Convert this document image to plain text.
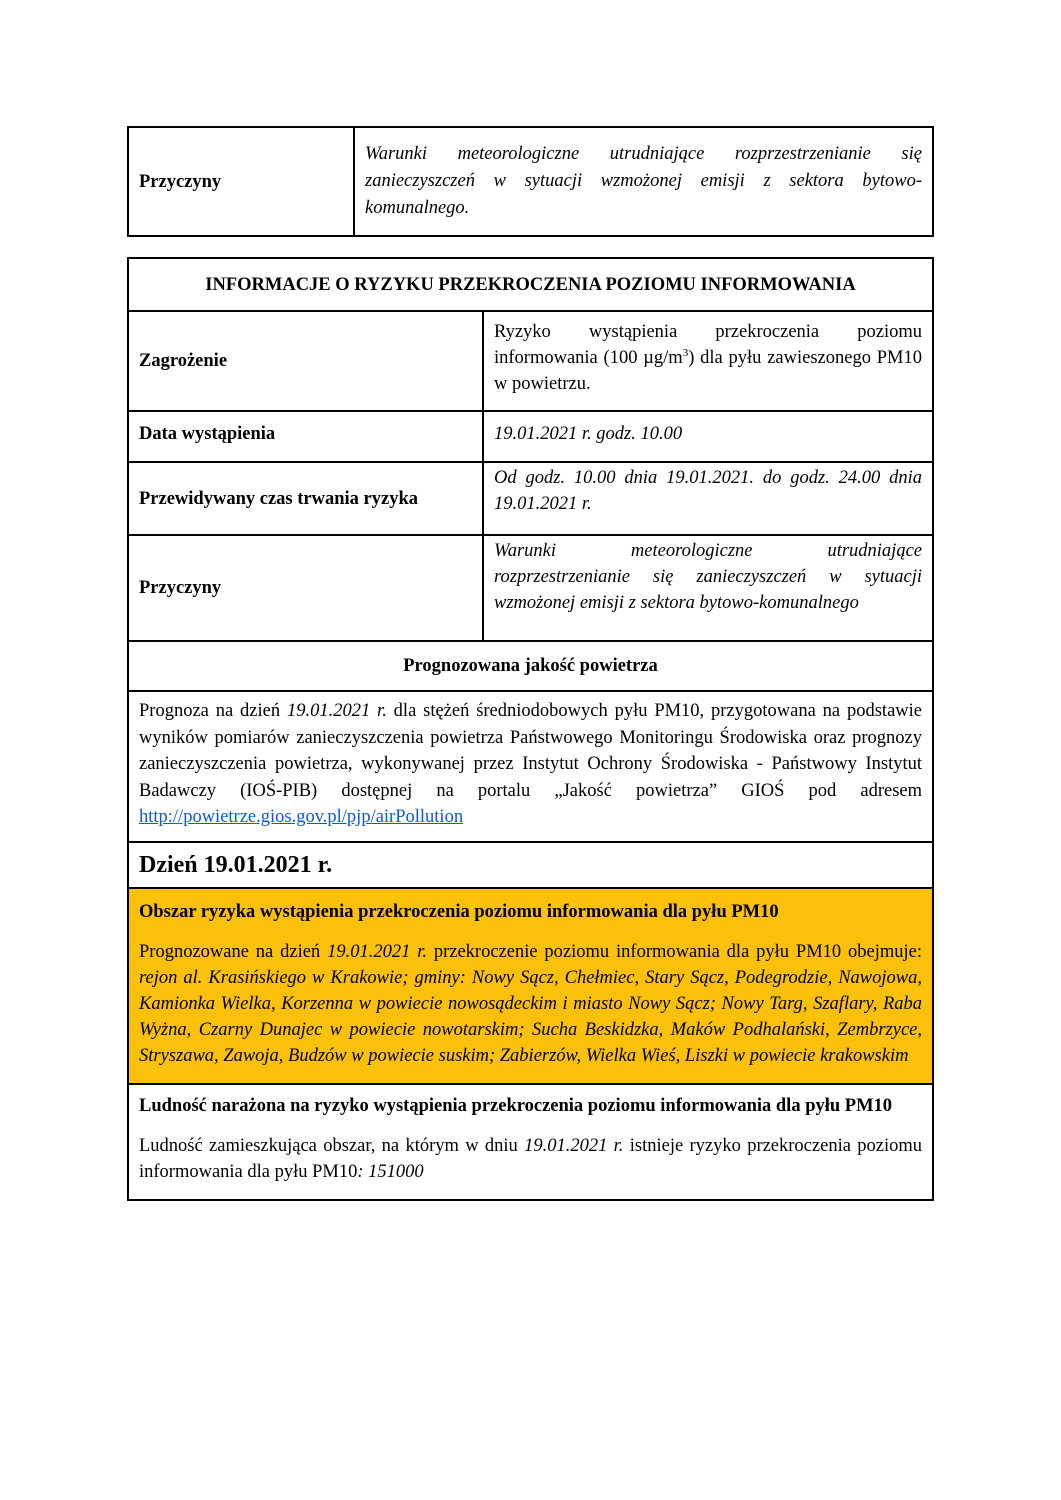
Przyczyny	Warunki meteorologiczne utrudniające rozprzestrzenianie się zanieczyszczeń w sytuacji wzmożonej emisji z sektora bytowo-komunalnego.
INFORMACJE O RYZYKU PRZEKROCZENIA POZIOMU INFORMOWANIA	
Zagrożenie	Ryzyko wystąpienia przekroczenia poziomu informowania (100 $\mu g/m^3$) dla pyłu zawieszonego PM10 w powietrzu.
Data wystąpienia	19.01.2021 r. godz. 10.00
Przewidywany czas trwania ryzyka	Od godz. 10.00 dnia 19.01.2021. do godz. 24.00 dnia 19.01.2021 r.
Przyczyny	Warunki meteorologiczne utrudniające rozprzestrzenianie się zanieczyszczeń w sytuacji wzmożonej emisji z sektora bytowo-komunalnego
Prognozowana jakość powietrza	
Prognoza na dzień 19.01.2021 r. dla stężeń średniodobowych pyłu PM10, przygotowana na podstawie wyników pomiarów zanieczyszczenia powietrza Państwowego Monitoringu Środowiska oraz prognozy zanieczyszczenia powietrza, wykonywanej przez Instytut Ochrony Środowiska - Państwowy Instytut Badawczy (IOŚ-PIB) dostępnej na portalu „Jakość powietrza” GIOŚ pod adresem http://powietrze.gios.gov.pl/pjp/airPollution	
Dzień 19.01.2021 r.	
Obszar ryzyka wystąpienia przekroczenia poziomu informowania dla pyłu PM10	
Prognozowane na dzień 19.01.2021 r. przekroczenie poziomu informowania dla pyłu PM10 obejmuje: rejon al. Krasińskiego w Krakowie; gminy: Nowy Sącz, Chełmiec, Stary Sącz, Podegrodzie, Nawojowa, Kamionka Wielka, Korzenna w powiecie nowosądeckim i miasto Nowy Sącz; Nowy Targ, Szaflary, Raba Wyżna, Czarny Dunajec w powiecie nowotarskim; Sucha Beskidzka, Maków Podhalański, Zembrzyce, Stryszawa, Zawoja, Budzów w powiecie suskim; Zabierzów, Wielka Wieś, Liszki w powiecie krakowskim	
Ludność narażona na ryzyko wystąpienia przekroczenia poziomu informowania dla pyłu PM10	
Ludność zamieszkująca obszar, na którym w dniu 19.01.2021 r. istnieje ryzyko przekroczenia poziomu informowania dla pyłu PM10: 151000	
